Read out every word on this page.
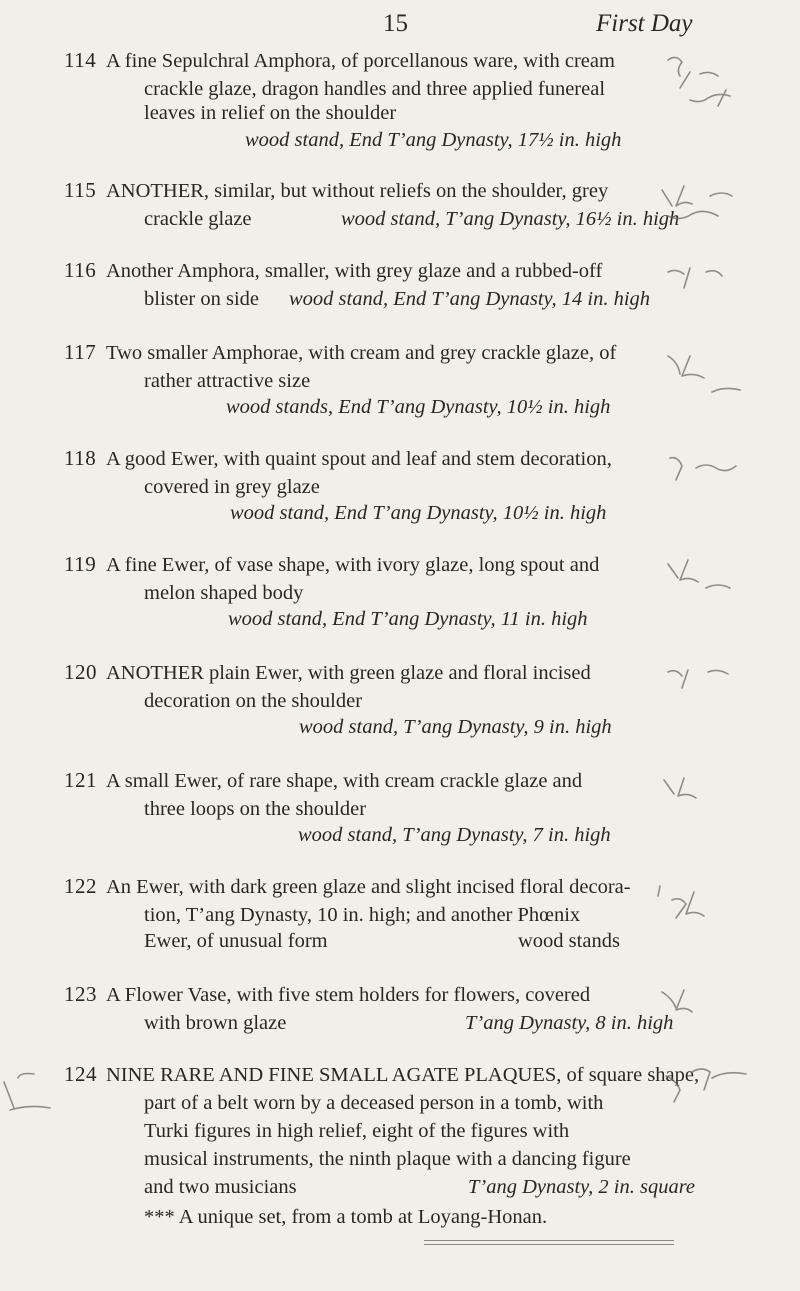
15	First Day
114 A fine Sepulchral Amphora, of porcellanous ware, with cream
crackle glaze, dragon handles and three applied funereal
leaves in relief on the shoulder
wood stand, End T’ang Dynasty, 17½ in. high
115 ANOTHER, similar, but without reliefs on the shoulder, grey
crackle glaze	wood stand, T’ang Dynasty, 16½ in. high
116 Another Amphora, smaller, with grey glaze and a rubbed-off
blister on side wood stand, End T’ang Dynasty, 14 in. high
117 Two smaller Amphorae, with cream and grey crackle glaze, of
rather attractive size
wood stands, End T’ang Dynasty, 10½ in. high
118 A good Ewer, with quaint spout and leaf and stem decoration,
covered in grey glaze
wood stand, End T’ang Dynasty, 10½ in. high
119 A fine Ewer, of vase shape, with ivory glaze, long spout and
melon shaped body
wood stand, End T’ang Dynasty, 11 in. high
120 ANOTHER plain Ewer, with green glaze and floral incised
decoration on the shoulder
wood stand, T’ang Dynasty, 9 in. high
121 A small Ewer, of rare shape, with cream crackle glaze and
three loops on the shoulder
wood stand, T’ang Dynasty, 7 in. high
122 An Ewer, with dark green glaze and slight incised floral decora-
tion, T’ang Dynasty, 10 in. high; and another Phœnix
Ewer, of unusual form	wood stands
123 A Flower Vase, with five stem holders for flowers, covered
with brown glaze	T’ang Dynasty, 8 in. high
124 NINE RARE AND FINE SMALL AGATE PLAQUES, of square shape,
part of a belt worn by a deceased person in a tomb, with
Turki figures in high relief, eight of the figures with
musical instruments, the ninth plaque with a dancing figure
and two musicians	T’ang Dynasty, 2 in. square
*** A unique set, from a tomb at Loyang-Honan.
